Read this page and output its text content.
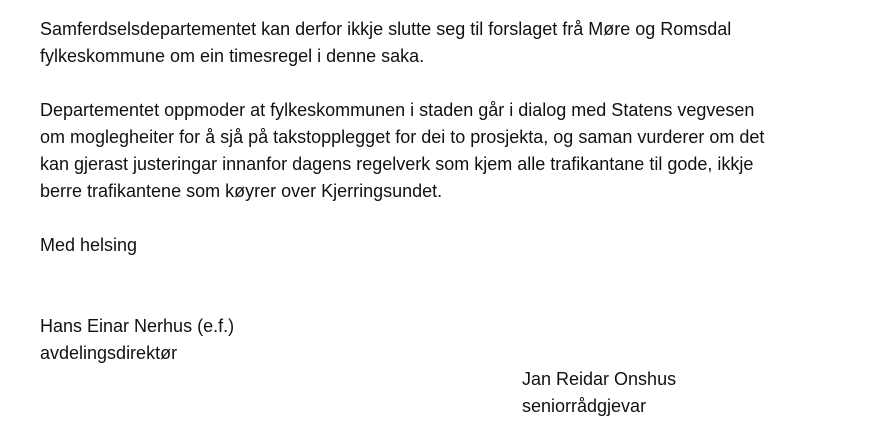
Samferdselsdepartementet kan derfor ikkje slutte seg til forslaget frå Møre og Romsdal
fylkeskommune om ein timesregel i denne saka.

Departementet oppmoder at fylkeskommunen i staden går i dialog med Statens vegvesen
om moglegheiter for å sjå på takstopplegget for dei to prosjekta, og saman vurderer om det
kan gjerast justeringar innanfor dagens regelverk som kjem alle trafikantane til gode, ikkje
berre trafikantene som køyrer over Kjerringsundet.

Med helsing

Hans Einar Nerhus (e.f.)
avdelingsdirektør
Jan Reidar Onshus
seniorrådgjevar
